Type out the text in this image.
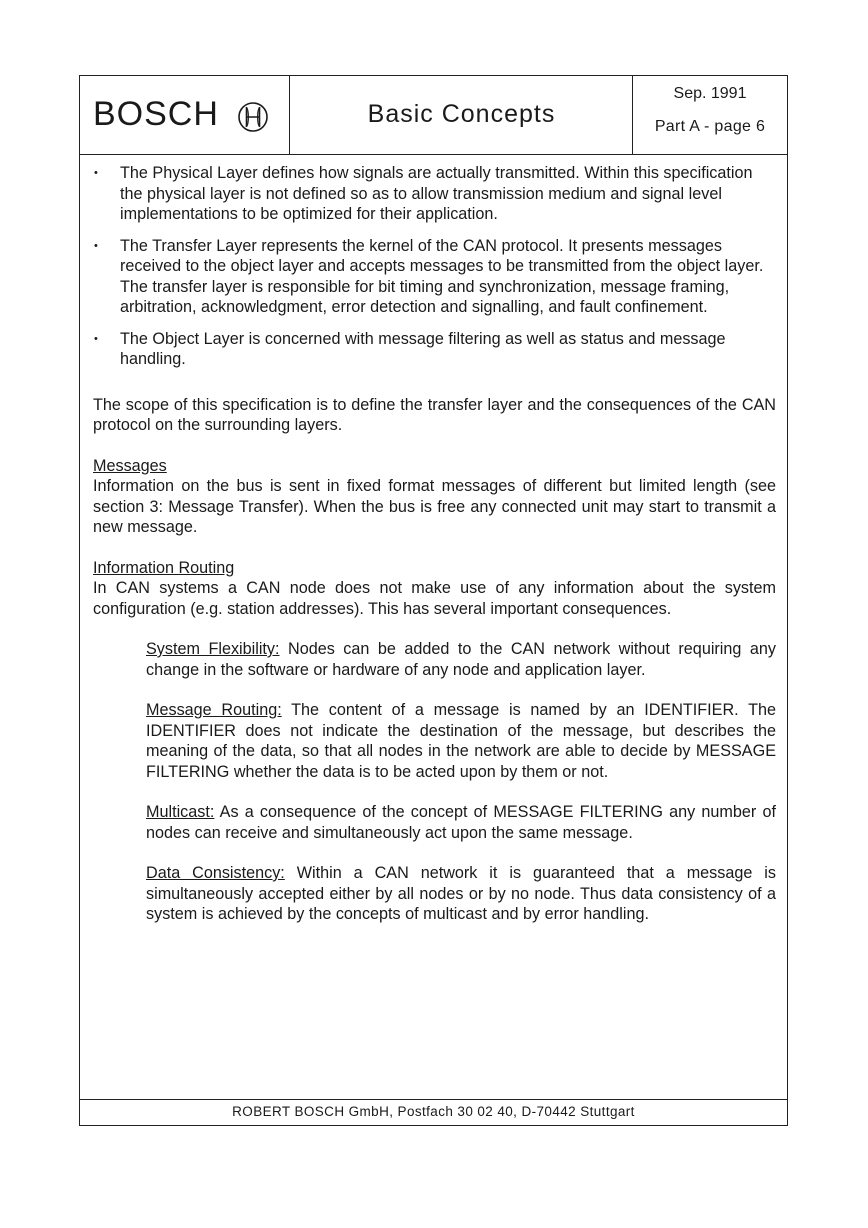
BOSCH	Basic Concepts
Sep. 1991
Part A - page 6
• The Physical Layer defines how signals are actually transmitted. Within this specification the physical layer is not defined so as to allow transmission medium and signal level implementations to be optimized for their application.
• The Transfer Layer represents the kernel of the CAN protocol. It presents messages received to the object layer and accepts messages to be transmitted from the object layer. The transfer layer is responsible for bit timing and synchronization, message framing, arbitration, acknowledgment, error detection and signalling, and fault confinement.
• The Object Layer is concerned with message filtering as well as status and message handling.

The scope of this specification is to define the transfer layer and the consequences of the CAN protocol on the surrounding layers.

Messages

Information on the bus is sent in fixed format messages of different but limited length (see section 3: Message Transfer). When the bus is free any connected unit may start to transmit a new message.

Information Routing

In CAN systems a CAN node does not make use of any information about the system configuration (e.g. station addresses). This has several important consequences.

System Flexibility: Nodes can be added to the CAN network without requiring any change in the software or hardware of any node and application layer.

Message Routing: The content of a message is named by an IDENTIFIER. The IDENTIFIER does not indicate the destination of the message, but describes the meaning of the data, so that all nodes in the network are able to decide by MESSAGE FILTERING whether the data is to be acted upon by them or not.

Multicast: As a consequence of the concept of MESSAGE FILTERING any number of nodes can receive and simultaneously act upon the same message.

Data Consistency: Within a CAN network it is guaranteed that a message is simultaneously accepted either by all nodes or by no node. Thus data consistency of a system is achieved by the concepts of multicast and by error handling.

ROBERT BOSCH GmbH, Postfach 30 02 40, D-70442 Stuttgart
